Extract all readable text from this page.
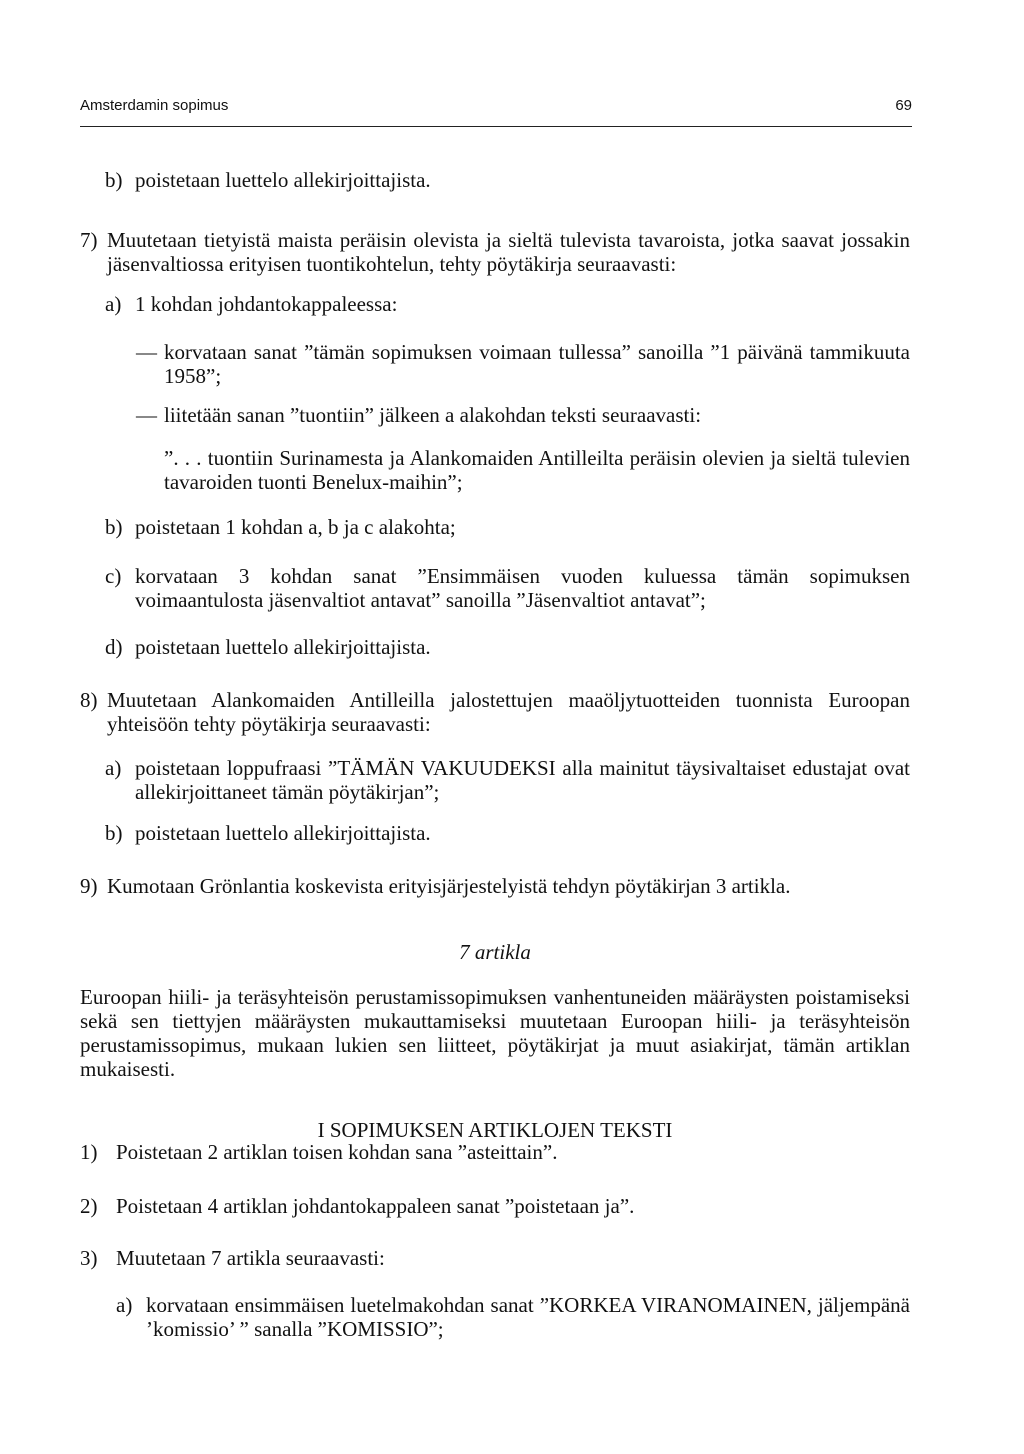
Amsterdamin sopimus	69
b) poistetaan luettelo allekirjoittajista.
7) Muutetaan tietyistä maista peräisin olevista ja sieltä tulevista tavaroista, jotka saavat jossakin jäsenvaltiossa erityisen tuontikohtelun, tehty pöytäkirja seuraavasti:
a) 1 kohdan johdantokappaleessa:
— korvataan sanat ”tämän sopimuksen voimaan tullessa” sanoilla ”1 päivänä tammikuuta 1958”;
— liitetään sanan ”tuontiin” jälkeen a alakohdan teksti seuraavasti:
”. . . tuontiin Surinamesta ja Alankomaiden Antilleilta peräisin olevien ja sieltä tulevien tavaroiden tuonti Benelux-maihin”;
b) poistetaan 1 kohdan a, b ja c alakohta;
c) korvataan 3 kohdan sanat ”Ensimmäisen vuoden kuluessa tämän sopimuksen voimaantulosta jäsenvaltiot antavat” sanoilla ”Jäsenvaltiot antavat”;
d) poistetaan luettelo allekirjoittajista.
8) Muutetaan Alankomaiden Antilleilla jalostettujen maaöljytuotteiden tuonnista Euroopan yhteisöön tehty pöytäkirja seuraavasti:
a) poistetaan loppufraasi ”TÄMÄN VAKUUDEKSI alla mainitut täysivaltaiset edustajat ovat allekirjoittaneet tämän pöytäkirjan”;
b) poistetaan luettelo allekirjoittajista.
9) Kumotaan Grönlantia koskevista erityisjärjestelyistä tehdyn pöytäkirjan 3 artikla.
7 artikla
Euroopan hiili- ja teräsyhteisön perustamissopimuksen vanhentuneiden määräysten poistamiseksi sekä sen tiettyjen määräysten mukauttamiseksi muutetaan Euroopan hiili- ja teräsyhteisön perustamissopimus, mukaan lukien sen liitteet, pöytäkirjat ja muut asiakirjat, tämän artiklan mukaisesti.
I SOPIMUKSEN ARTIKLOJEN TEKSTI
1) Poistetaan 2 artiklan toisen kohdan sana ”asteittain”.
2) Poistetaan 4 artiklan johdantokappaleen sanat ”poistetaan ja”.
3) Muutetaan 7 artikla seuraavasti:
a) korvataan ensimmäisen luetelmakohdan sanat ”KORKEA VIRANOMAINEN, jäljempänä ’komissio’ ” sanalla ”KOMISSIO”;
